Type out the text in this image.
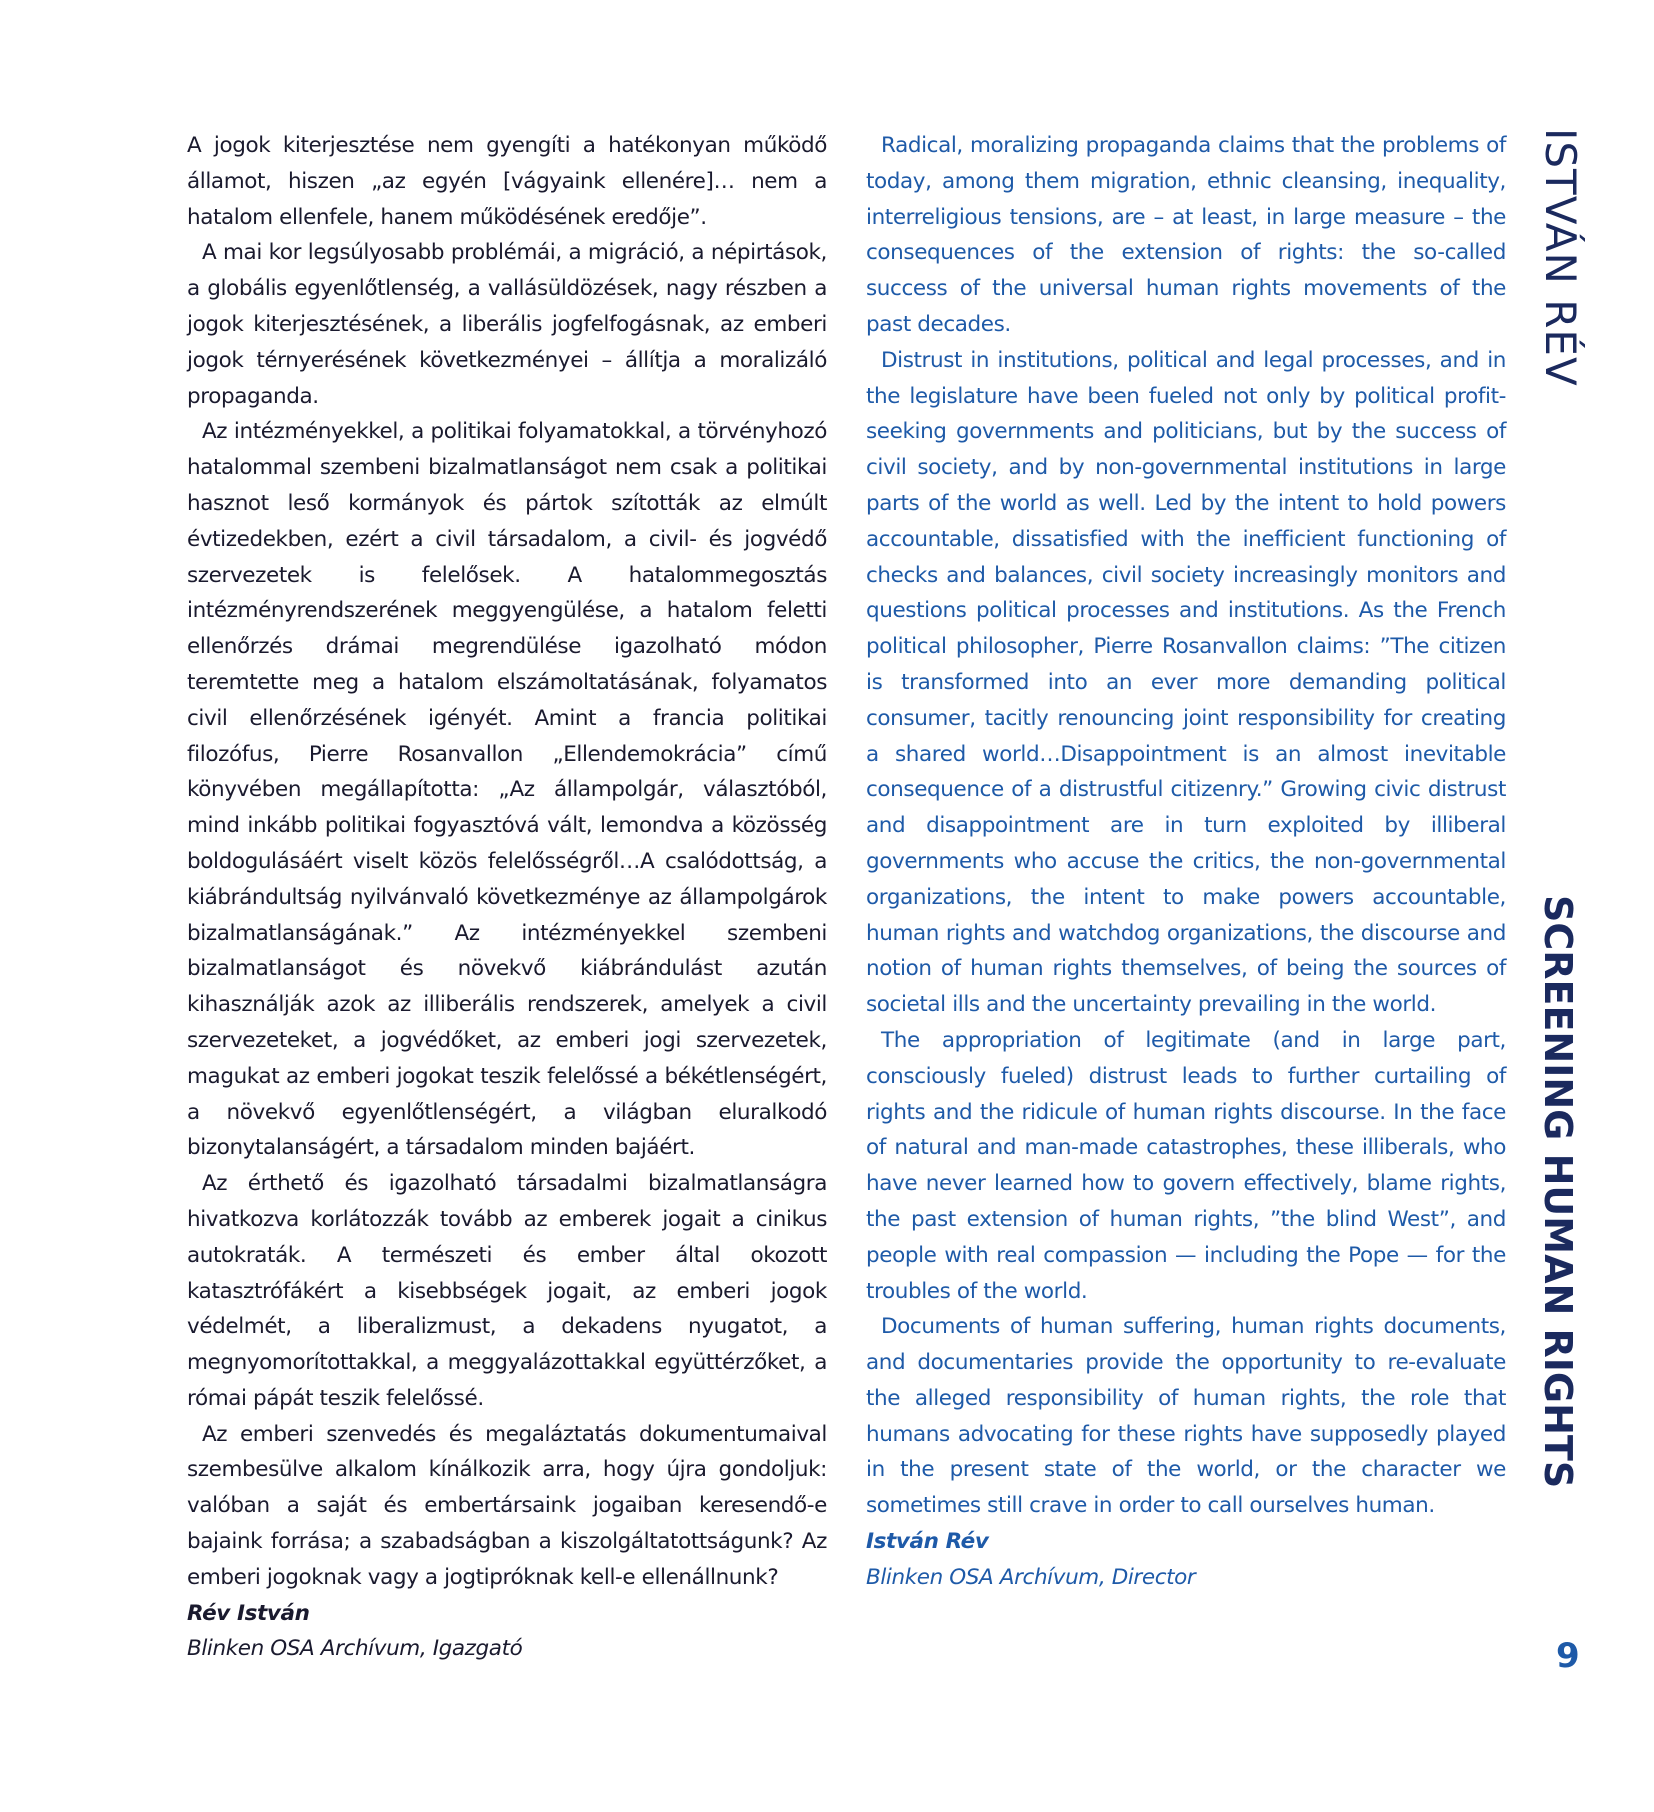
A jogok kiterjesztése nem gyengíti a hatékonyan működő államot, hiszen „az egyén [vágyaink ellenére]… nem a hatalom ellenfele, hanem működésének eredője”.

A mai kor legsúlyosabb problémái, a migráció, a népirtások, a globális egyenlőtlenség, a vallásüldözések, nagy részben a jogok kiterjesztésének, a liberális jogfelfogásnak, az emberi jogok térnyerésének következményei – állítja a moralizáló propaganda.

Az intézményekkel, a politikai folyamatokkal, a törvényhozó hatalommal szembeni bizalmatlanságot nem csak a politikai hasznot leső kormányok és pártok szították az elmúlt évtizedekben, ezért a civil társadalom, a civil- és jogvédő szervezetek is felelősek. A hatalommegosztás intézményrendszerének meggyengülése, a hatalom feletti ellenőrzés drámai megrendülése igazolható módon teremtette meg a hatalom elszámoltatásának, folyamatos civil ellenőrzésének igényét. Amint a francia politikai filozófus, Pierre Rosanvallon „Ellendemokrácia” című könyvében megállapította: „Az állampolgár, választóból, mind inkább politikai fogyasztóvá vált, lemondva a közösség boldogulásáért viselt közös felelősségről…A csalódottság, a kiábrándultság nyilvánvaló következménye az állampolgárok bizalmatlanságának.” Az intézményekkel szembeni bizalmatlanságot és növekvő kiábrándulást azután kihasználják azok az illiberális rendszerek, amelyek a civil szervezeteket, a jogvédőket, az emberi jogi szervezetek, magukat az emberi jogokat teszik felelőssé a békétlenségért, a növekvő egyenlőtlenségért, a világban eluralkodó bizonytalanságért, a társadalom minden bajáért.

Az érthető és igazolható társadalmi bizalmatlanságra hivatkozva korlátozzák tovább az emberek jogait a cinikus autokraták. A természeti és ember által okozott katasztrófákért a kisebbségek jogait, az emberi jogok védelmét, a liberalizmust, a dekadens nyugatot, a megnyomorítottakkal, a meggyalázottakkal együttérzőket, a római pápát teszik felelőssé.

Az emberi szenvedés és megaláztatás dokumentumaival szembesülve alkalom kínálkozik arra, hogy újra gondoljuk: valóban a saját és embertársaink jogaiban keresendő-e bajaink forrása; a szabadságban a kiszolgáltatottságunk? Az emberi jogoknak vagy a jogtipróknak kell-e ellenállnunk?

Rév István
Blinken OSA Archívum, Igazgató

Radical, moralizing propaganda claims that the problems of today, among them migration, ethnic cleansing, inequality, interreligious tensions, are – at least, in large measure – the consequences of the extension of rights: the so-called success of the universal human rights movements of the past decades.

Distrust in institutions, political and legal processes, and in the legislature have been fueled not only by political profit-seeking governments and politicians, but by the success of civil society, and by non-governmental institutions in large parts of the world as well. Led by the intent to hold powers accountable, dissatisfied with the inefficient functioning of checks and balances, civil society increasingly monitors and questions political processes and institutions. As the French political philosopher, Pierre Rosanvallon claims: ”The citizen is transformed into an ever more demanding political consumer, tacitly renouncing joint responsibility for creating a shared world…Disappointment is an almost inevitable consequence of a distrustful citizenry.” Growing civic distrust and disappointment are in turn exploited by illiberal governments who accuse the critics, the non-governmental organizations, the intent to make powers accountable, human rights and watchdog organizations, the discourse and notion of human rights themselves, of being the sources of societal ills and the uncertainty prevailing in the world.

The appropriation of legitimate (and in large part, consciously fueled) distrust leads to further curtailing of rights and the ridicule of human rights discourse. In the face of natural and man-made catastrophes, these illiberals, who have never learned how to govern effectively, blame rights, the past extension of human rights, ”the blind West”, and people with real compassion — including the Pope — for the troubles of the world.

Documents of human suffering, human rights documents, and documentaries provide the opportunity to re-evaluate the alleged responsibility of human rights, the role that humans advocating for these rights have supposedly played in the present state of the world, or the character we sometimes still crave in order to call ourselves human.

István Rév
Blinken OSA Archívum, Director
ISTVÁN RÉV
SCREENING HUMAN RIGHTS
9
